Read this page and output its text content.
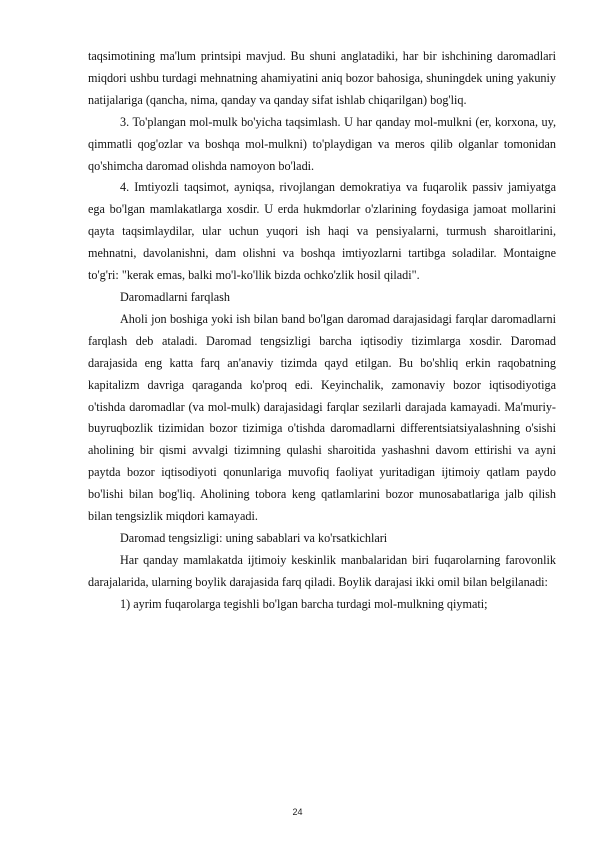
taqsimotining ma'lum printsipi mavjud. Bu shuni anglatadiki, har bir ishchining daromadlari miqdori ushbu turdagi mehnatning ahamiyatini aniq bozor bahosiga, shuningdek uning yakuniy natijalariga (qancha, nima, qanday va qanday sifat ishlab chiqarilgan) bog'liq.

3. To'plangan mol-mulk bo'yicha taqsimlash. U har qanday mol-mulkni (er, korxona, uy, qimmatli qog'ozlar va boshqa mol-mulkni) to'playdigan va meros qilib olganlar tomonidan qo'shimcha daromad olishda namoyon bo'ladi.

4. Imtiyozli taqsimot, ayniqsa, rivojlangan demokratiya va fuqarolik passiv jamiyatga ega bo'lgan mamlakatlarga xosdir. U erda hukmdorlar o'zlarining foydasiga jamoat mollarini qayta taqsimlaydilar, ular uchun yuqori ish haqi va pensiyalarni, turmush sharoitlarini, mehnatni, davolanishni, dam olishni va boshqa imtiyozlarni tartibga soladilar. Montaigne to'g'ri: "kerak emas, balki mo'l-ko'llik bizda ochko'zlik hosil qiladi".

Daromadlarni farqlash

Aholi jon boshiga yoki ish bilan band bo'lgan daromad darajasidagi farqlar daromadlarni farqlash deb ataladi. Daromad tengsizligi barcha iqtisodiy tizimlarga xosdir. Daromad darajasida eng katta farq an'anaviy tizimda qayd etilgan. Bu bo'shliq erkin raqobatning kapitalizm davriga qaraganda ko'proq edi. Keyinchalik, zamonaviy bozor iqtisodiyotiga o'tishda daromadlar (va mol-mulk) darajasidagi farqlar sezilarli darajada kamayadi. Ma'muriy-buyruqbozlik tizimidan bozor tizimiga o'tishda daromadlarni differentsiatsiyalashning o'sishi aholining bir qismi avvalgi tizimning qulashi sharoitida yashashni davom ettirishi va ayni paytda bozor iqtisodiyoti qonunlariga muvofiq faoliyat yuritadigan ijtimoiy qatlam paydo bo'lishi bilan bog'liq. Aholining tobora keng qatlamlarini bozor munosabatlariga jalb qilish bilan tengsizlik miqdori kamayadi.

Daromad tengsizligi: uning sabablari va ko'rsatkichlari

Har qanday mamlakatda ijtimoiy keskinlik manbalaridan biri fuqarolarning farovonlik darajalarida, ularning boylik darajasida farq qiladi. Boylik darajasi ikki omil bilan belgilanadi:

1) ayrim fuqarolarga tegishli bo'lgan barcha turdagi mol-mulkning qiymati;

24
